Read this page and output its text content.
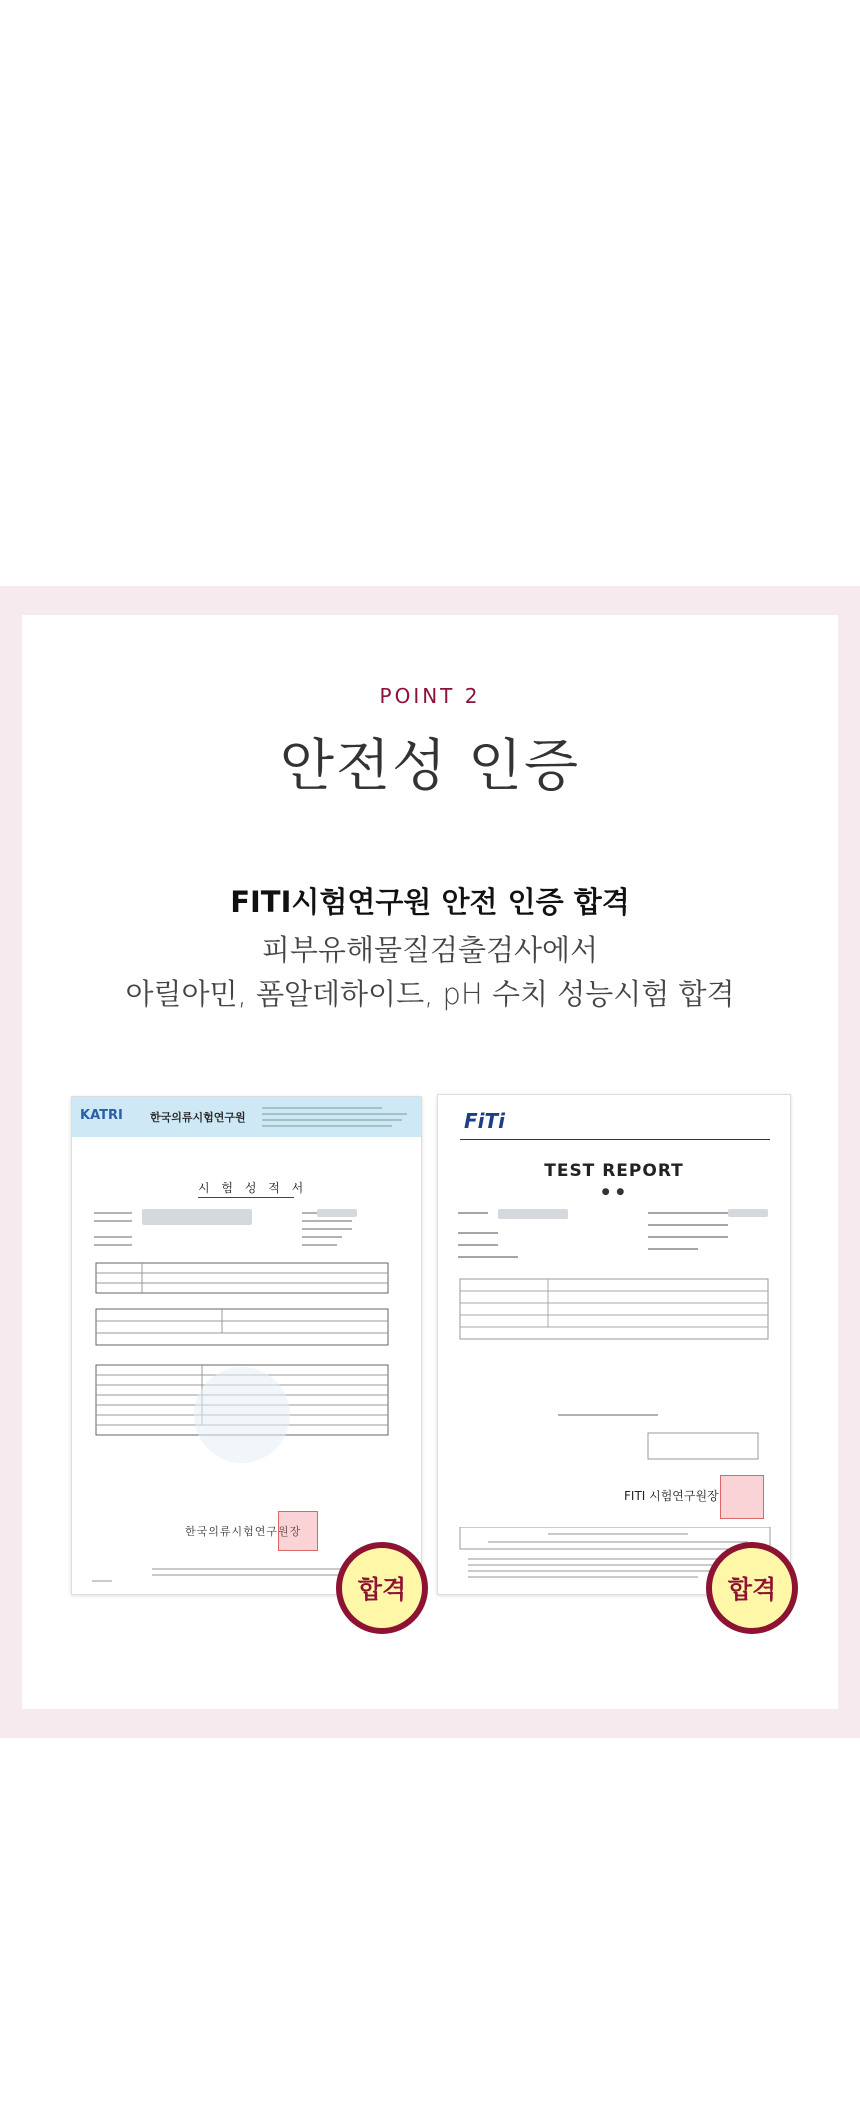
POINT 2
안전성 인증
FITI시험연구원 안전 인증 합격
피부유해물질검출검사에서
아릴아민, 폼알데하이드, pH 수치 성능시험 합격
KATRI 한국의류시험연구원
시 험 성 적 서
한국의류시험연구원장
FiTi
TEST REPORT
● ●
FITI 시험연구원장
합격	합격
